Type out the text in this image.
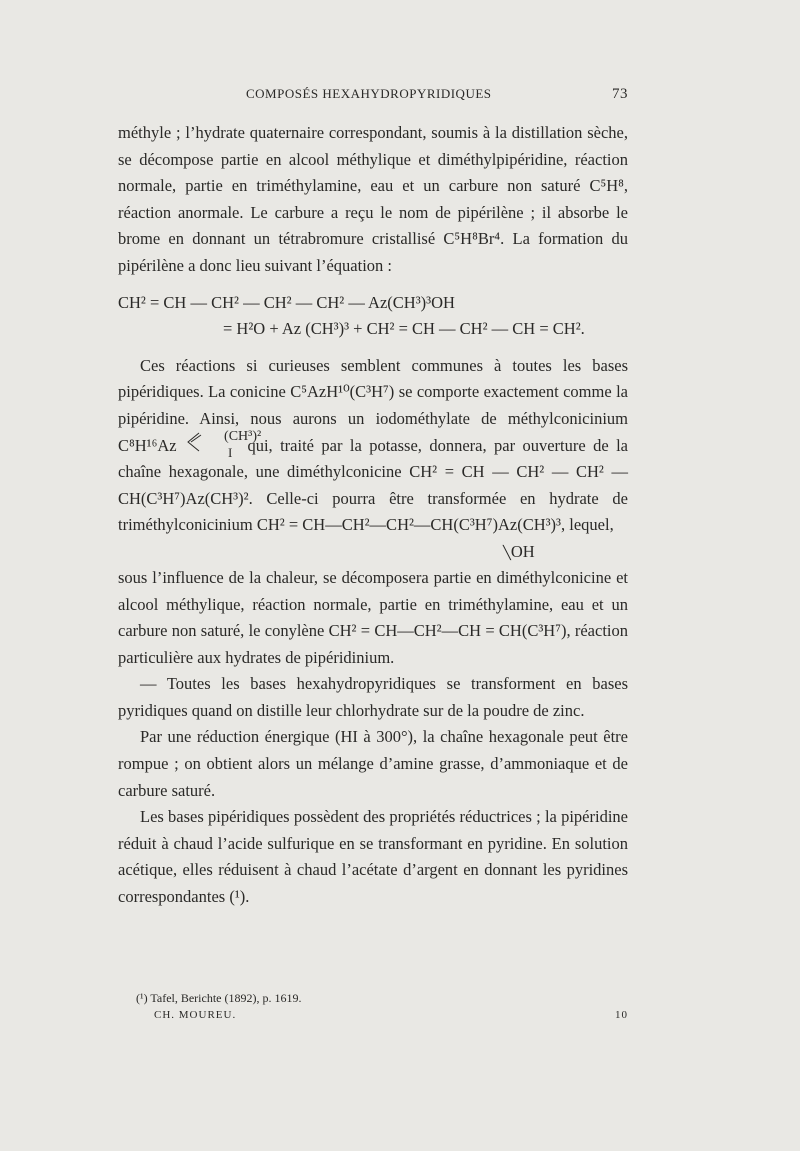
COMPOSÉS HEXAHYDROPYRIDIQUES	73

méthyle ; l’hydrate quaternaire correspondant, soumis à la distillation sèche, se décompose partie en alcool méthylique et diméthylpipéridine, réaction normale, partie en triméthylamine, eau et un carbure non saturé C⁵H⁸, réaction anormale. Le carbure a reçu le nom de pipérilène ; il absorbe le brome en donnant un tétrabromure cristallisé C⁵H⁸Br⁴. La formation du pipérilène a donc lieu suivant l’équation :

CH² = CH — CH² — CH² — CH² — Az(CH³)³OH
= H²O + Az (CH³)³ + CH² = CH — CH² — CH = CH².

Ces réactions si curieuses semblent communes à toutes les bases pipéridiques. La conicine C⁵AzH¹⁰(C³H⁷) se comporte exactement comme la pipéridine. Ainsi, nous aurons un iodométhylate de méthylconicinium C⁸H¹⁶Az	(CH³)²
I qui, traité par la potasse, donnera, par ouverture de la chaîne hexagonale, une diméthylconicine CH² = CH — CH² — CH² — CH(C³H⁷)Az(CH³)². Celle-ci pourra être transformée en hydrate de triméthylconicinium CH² = CH—CH²—CH²—CH(C³H⁷)Az(CH³)³, lequel,

╲OH

sous l’influence de la chaleur, se décomposera partie en diméthylconicine et alcool méthylique, réaction normale, partie en triméthylamine, eau et un carbure non saturé, le conylène CH² = CH—CH²—CH = CH(C³H⁷), réaction particulière aux hydrates de pipéridinium.

— Toutes les bases hexahydropyridiques se transforment en bases pyridiques quand on distille leur chlorhydrate sur de la poudre de zinc.

Par une réduction énergique (HI à 300°), la chaîne hexagonale peut être rompue ; on obtient alors un mélange d’amine grasse, d’ammoniaque et de carbure saturé.

Les bases pipéridiques possèdent des propriétés réductrices ; la pipéridine réduit à chaud l’acide sulfurique en se transformant en pyridine. En solution acétique, elles réduisent à chaud l’acétate d’argent en donnant les pyridines correspondantes (¹).

(¹) Tafel, Berichte (1892), p. 1619.
CH. MOUREU.	10
